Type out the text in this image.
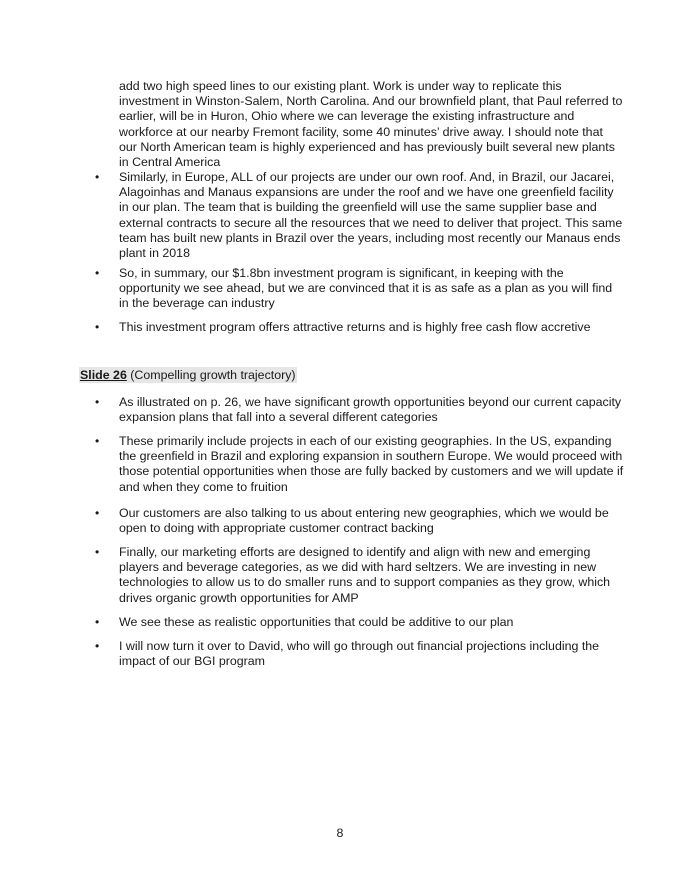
add two high speed lines to our existing plant. Work is under way to replicate this investment in Winston-Salem, North Carolina. And our brownfield plant, that Paul referred to earlier, will be in Huron, Ohio where we can leverage the existing infrastructure and workforce at our nearby Fremont facility, some 40 minutes’ drive away. I should note that our North American team is highly experienced and has previously built several new plants in Central America

•	Similarly, in Europe, ALL of our projects are under our own roof. And, in Brazil, our Jacarei, Alagoinhas and Manaus expansions are under the roof and we have one greenfield facility in our plan. The team that is building the greenfield will use the same supplier base and external contracts to secure all the resources that we need to deliver that project. This same team has built new plants in Brazil over the years, including most recently our Manaus ends plant in 2018
•	So, in summary, our $1.8bn investment program is significant, in keeping with the opportunity we see ahead, but we are convinced that it is as safe as a plan as you will find in the beverage can industry
•	This investment program offers attractive returns and is highly free cash flow accretive
Slide 26 (Compelling growth trajectory)
•	As illustrated on p. 26, we have significant growth opportunities beyond our current capacity expansion plans that fall into a several different categories
•	These primarily include projects in each of our existing geographies. In the US, expanding the greenfield in Brazil and exploring expansion in southern Europe. We would proceed with those potential opportunities when those are fully backed by customers and we will update if and when they come to fruition
•	Our customers are also talking to us about entering new geographies, which we would be open to doing with appropriate customer contract backing
•	Finally, our marketing efforts are designed to identify and align with new and emerging players and beverage categories, as we did with hard seltzers. We are investing in new technologies to allow us to do smaller runs and to support companies as they grow, which drives organic growth opportunities for AMP
•	We see these as realistic opportunities that could be additive to our plan
•	I will now turn it over to David, who will go through out financial projections including the impact of our BGI program
8
